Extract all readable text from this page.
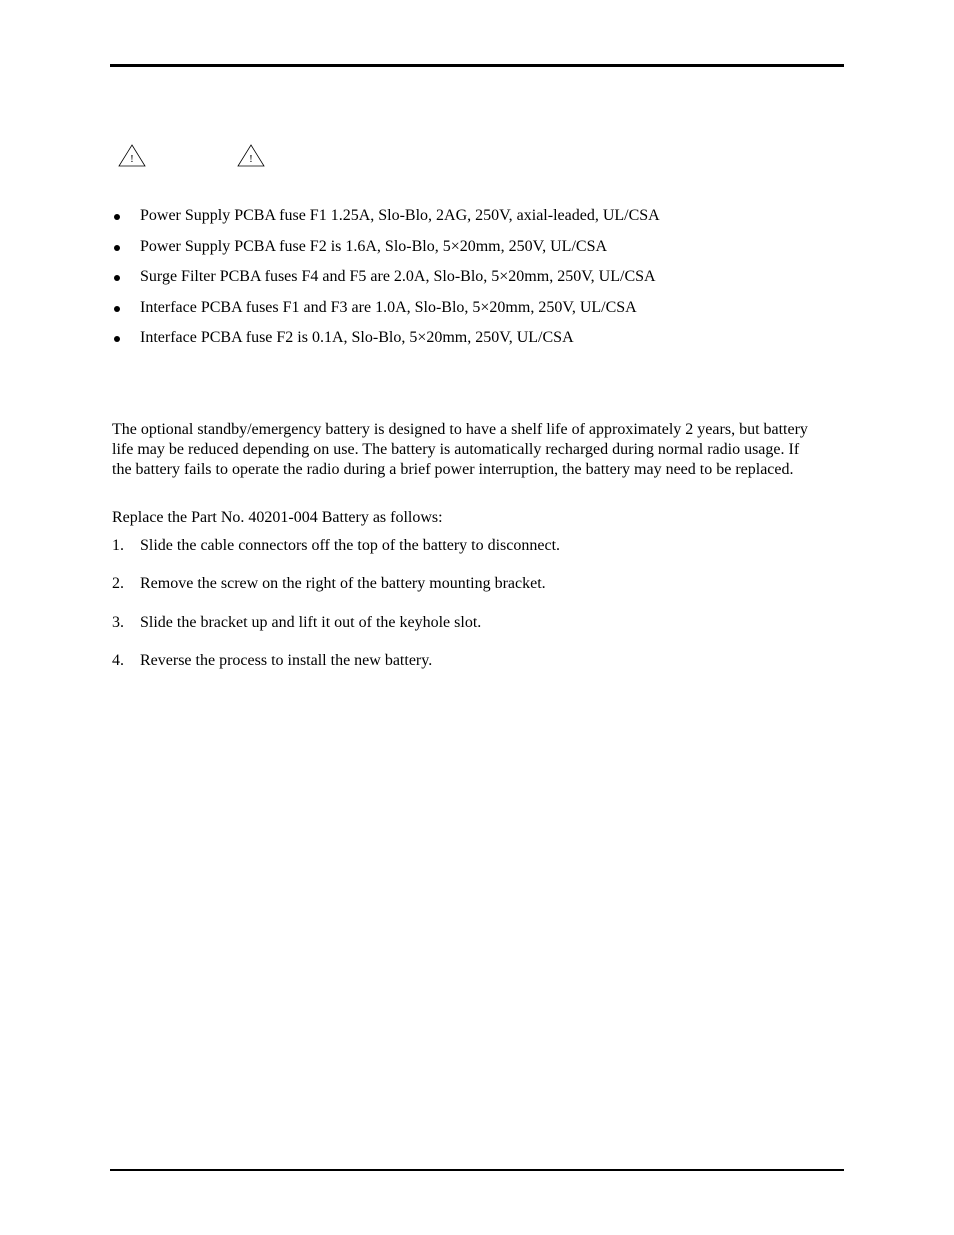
!	!
Power Supply PCBA fuse F1 1.25A, Slo-Blo, 2AG, 250V, axial-leaded, UL/CSA
Power Supply PCBA fuse F2 is 1.6A, Slo-Blo, 5×20mm, 250V, UL/CSA
Surge Filter PCBA fuses F4 and F5 are 2.0A, Slo-Blo, 5×20mm, 250V, UL/CSA
Interface PCBA fuses F1 and F3 are 1.0A, Slo-Blo, 5×20mm, 250V, UL/CSA
Interface PCBA fuse F2 is 0.1A, Slo-Blo, 5×20mm, 250V, UL/CSA

The optional standby/emergency battery is designed to have a shelf life of approximately 2 years, but battery life may be reduced depending on use. The battery is automatically recharged during normal radio usage. If the battery fails to operate the radio during a brief power interruption, the battery may need to be replaced.

Replace the Part No. 40201-004 Battery as follows:

1. Slide the cable connectors off the top of the battery to disconnect.
2. Remove the screw on the right of the battery mounting bracket.
3. Slide the bracket up and lift it out of the keyhole slot.
4. Reverse the process to install the new battery.
